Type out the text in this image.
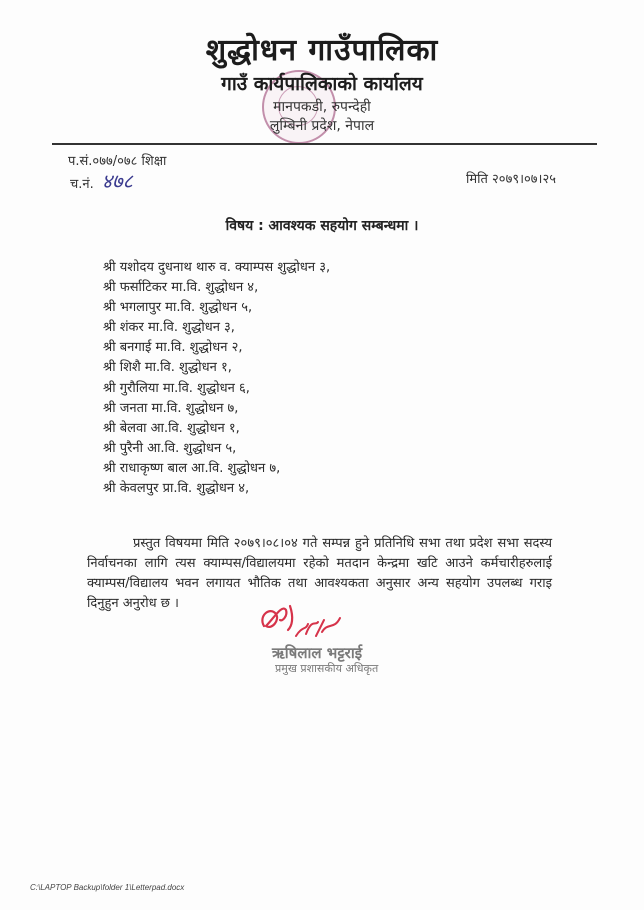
शुद्धोधन गाउँपालिका
गाउँ कार्यपालिकाको कार्यालय
मानपकडी, रुपन्देही
लुम्बिनी प्रदेश, नेपाल
प.सं.०७७/०७८ शिक्षा
च.नं. ४७८	मिति २०७९।०७।२५
विषय : आवश्यक सहयोग सम्बन्धमा ।
श्री यशोदय दुधनाथ थारु व. क्याम्पस शुद्धोधन ३,
श्री फर्साटिकर मा.वि. शुद्धोधन ४,
श्री भगलापुर मा.वि. शुद्धोधन ५,
श्री शंकर मा.वि. शुद्धोधन ३,
श्री बनगाई मा.वि. शुद्धोधन २,
श्री शिशै मा.वि. शुद्धोधन १,
श्री गुरौलिया मा.वि. शुद्धोधन ६,
श्री जनता मा.वि. शुद्धोधन ७,
श्री बेलवा आ.वि. शुद्धोधन १,
श्री पुरैनी आ.वि. शुद्धोधन ५,
श्री राधाकृष्ण बाल आ.वि. शुद्धोधन ७,
श्री केवलपुर प्रा.वि. शुद्धोधन ४,

प्रस्तुत विषयमा मिति २०७९।०८।०४ गते सम्पन्न हुने प्रतिनिधि सभा तथा प्रदेश सभा सदस्य निर्वाचनका लागि त्यस क्याम्पस/विद्यालयमा रहेको मतदान केन्द्रमा खटि आउने कर्मचारीहरुलाई क्याम्पस/विद्यालय भवन लगायत भौतिक तथा आवश्यकता अनुसार अन्य सहयोग उपलब्ध गराइ दिनुहुन अनुरोध छ ।

ऋषिलाल भट्टराई
प्रमुख प्रशासकीय अधिकृत
C:\LAPTOP Backup\folder 1\Letterpad.docx
